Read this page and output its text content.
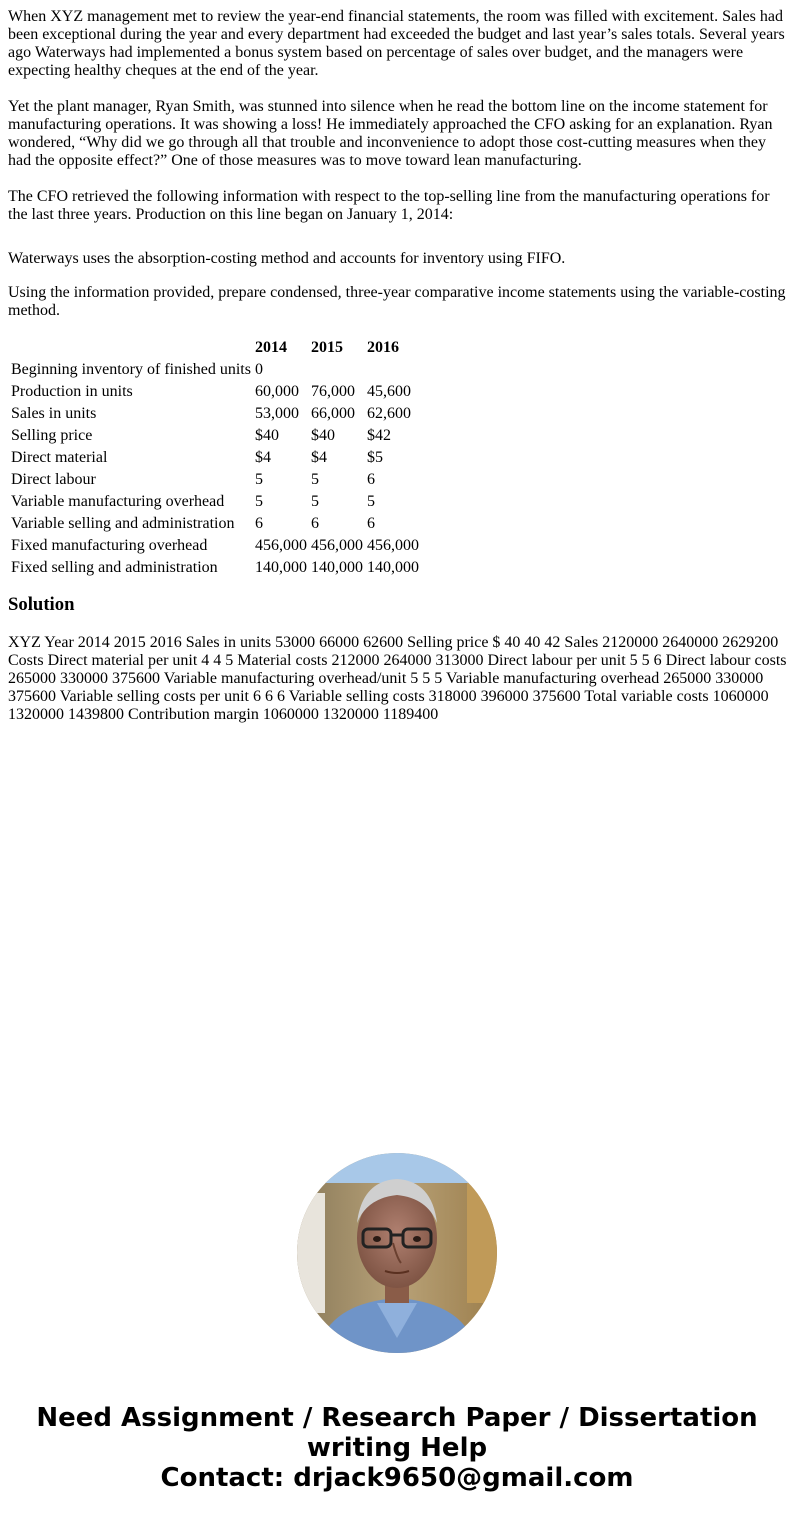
When XYZ management met to review the year-end financial statements, the room was filled with excitement. Sales had been exceptional during the year and every department had exceeded the budget and last year’s sales totals. Several years ago Waterways had implemented a bonus system based on percentage of sales over budget, and the managers were expecting healthy cheques at the end of the year.

Yet the plant manager, Ryan Smith, was stunned into silence when he read the bottom line on the income statement for manufacturing operations. It was showing a loss! He immediately approached the CFO asking for an explanation. Ryan wondered, “Why did we go through all that trouble and inconvenience to adopt those cost-cutting measures when they had the opposite effect?” One of those measures was to move toward lean manufacturing.

The CFO retrieved the following information with respect to the top-selling line from the manufacturing operations for the last three years. Production on this line began on January 1, 2014:

Waterways uses the absorption-costing method and accounts for inventory using FIFO.

Using the information provided, prepare condensed, three-year comparative income statements using the variable-costing method.

	2014	2015	2016
Beginning inventory of finished units	0		
Production in units	60,000	76,000	45,600
Sales in units	53,000	66,000	62,600
Selling price	$40	$40	$42
Direct material	$4	$4	$5
Direct labour	5	5	6
Variable manufacturing overhead	5	5	5
Variable selling and administration	6	6	6
Fixed manufacturing overhead	456,000	456,000	456,000
Fixed selling and administration	140,000	140,000	140,000
Solution

XYZ Year 2014 2015 2016 Sales in units 53000 66000 62600 Selling price $ 40 40 42 Sales 2120000 2640000 2629200 Costs Direct material per unit 4 4 5 Material costs 212000 264000 313000 Direct labour per unit 5 5 6 Direct labour costs 265000 330000 375600 Variable manufacturing overhead/unit 5 5 5 Variable manufacturing overhead 265000 330000 375600 Variable selling costs per unit 6 6 6 Variable selling costs 318000 396000 375600 Total variable costs 1060000 1320000 1439800 Contribution margin 1060000 1320000 1189400

Need Assignment / Research Paper / Dissertation
writing Help
Contact: drjack9650@gmail.com
